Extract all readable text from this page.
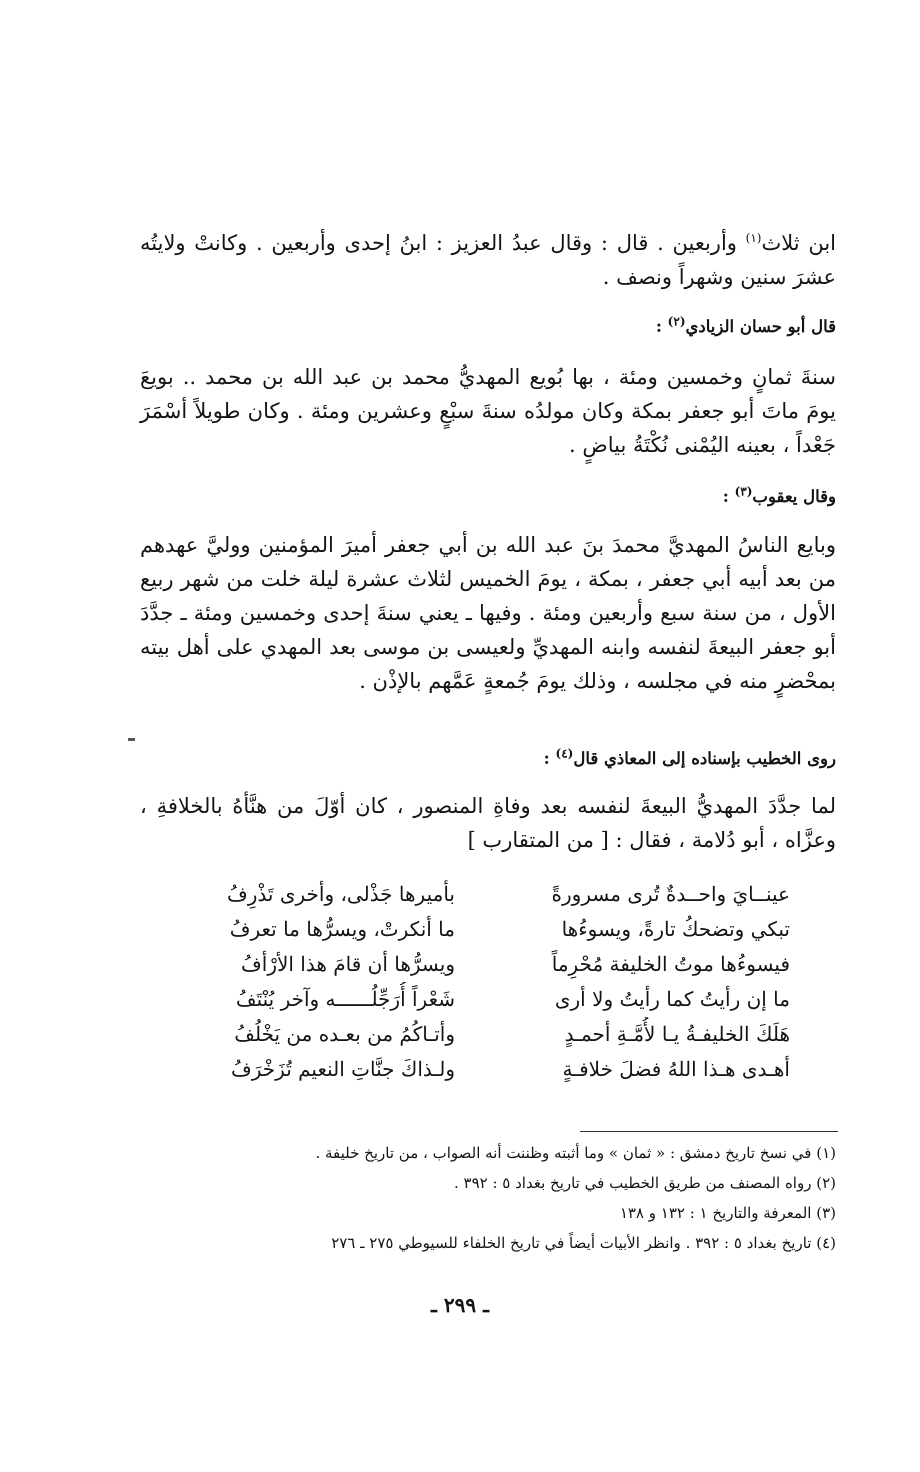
ابن ثلاث$^{(١)}$ وأربعين . قال : وقال عبدُ العزيز : ابنُ إحدى وأربعين . وكانتْ ولايتُه عشرَ سنين وشهراً ونصف .
قال أبو حسان الزيادي$^{(٢)}$ :
سنةَ ثمانٍ وخمسين ومئة ، بها بُويع المهديُّ محمد بن عبد الله بن محمد .. بويعَ يومَ ماتَ أبو جعفر بمكة وكان مولدُه سنةَ سبْعٍ وعشرين ومئة . وكان طويلاً أسْمَرَ جَعْداً ، بعينه اليُمْنى نُكْتَةُ بياضٍ .
وقال يعقوب$^{(٣)}$ :
وبايع الناسُ المهديَّ محمدَ بنَ عبد الله بن أبي جعفر أميرَ المؤمنين ووليَّ عهدهم من بعد أبيه أبي جعفر ، بمكة ، يومَ الخميس لثلاث عشرة ليلة خلت من شهر ربيع الأول ، من سنة سبع وأربعين ومئة . وفيها ـ يعني سنةَ إحدى وخمسين ومئة ـ جدَّدَ أبو جعفر البيعةَ لنفسه وابنه المهديِّ ولعيسى بن موسى بعد المهدي على أهل بيته بمحْضرٍ منه في مجلسه ، وذلك يومَ جُمعةٍ عَمَّهم بالإذْن .
روى الخطيب بإسناده إلى المعاذي قال$^{(٤)}$ :
لما جدَّدَ المهديُّ البيعةَ لنفسه بعد وفاةِ المنصور ، كان أوّلَ من هنَّأهُ بالخلافةِ ، وعزَّاه ، أبو دُلامة ، فقال : [ من المتقارب ]
عينــايَ واحــدةٌ تُرى مسرورةً
بأميرها جَذْلى، وأخرى تَذْرِفُ
تبكي وتضحكُ تارةً، ويسوءُها
ما أنكرتْ، ويسرُّها ما تعرفُ
فيسوءُها موتُ الخليفة مُحْرِماً
ويسرُّها أن قامَ هذا الأرْأفُ
ما إن رأيتُ كما رأيتُ ولا أرى
شَعْراً أُرَجِّلُــــــه وآخر يُنْتَفُ
هَلَكَ الخليفـةُ يـا لأُمَّـةِ أحمـدٍ
وأتـاكُمُ من بعـده من يَخْلُفُ
أهـدى هـذا اللهُ فضلَ خلافـةٍ
ولـذاكَ جنَّاتِ النعيم تُزَخْرَفُ
(١) في نسخ تاريخ دمشق : « ثمان » وما أثبته وظننت أنه الصواب ، من تاريخ خليفة .
(٢) رواه المصنف من طريق الخطيب في تاريخ بغداد ٥ : ٣٩٢ .
(٣) المعرفة والتاريخ ١ : ١٣٢ و ١٣٨
(٤) تاريخ بغداد ٥ : ٣٩٢ . وانظر الأبيات أيضاً في تاريخ الخلفاء للسيوطي ٢٧٥ ـ ٢٧٦
ـ ٢٩٩ ـ
